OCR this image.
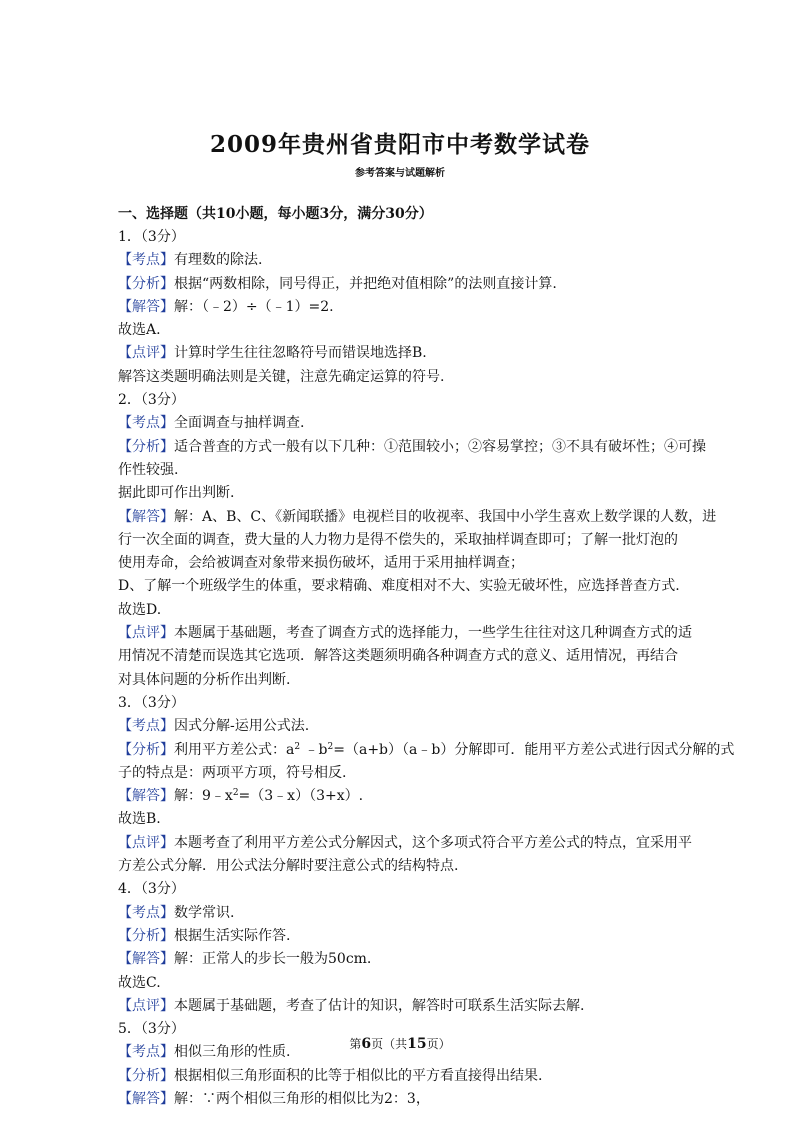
2009年贵州省贵阳市中考数学试卷
参考答案与试题解析
一、选择题（共10小题，每小题3分，满分30分）
1．（3分）
【考点】有理数的除法.
【分析】根据“两数相除，同号得正，并把绝对值相除”的法则直接计算.
【解答】解：（﹣2）÷（﹣1）=2.
故选A.
【点评】计算时学生往往忽略符号而错误地选择B.
解答这类题明确法则是关键，注意先确定运算的符号.
2．（3分）
【考点】全面调查与抽样调查.
【分析】适合普查的方式一般有以下几种：①范围较小；②容易掌控；③不具有破坏性；④可操
作性较强.
据此即可作出判断.
【解答】解：A、B、C、《新闻联播》电视栏目的收视率、我国中小学生喜欢上数学课的人数，进
行一次全面的调查，费大量的人力物力是得不偿失的，采取抽样调查即可；了解一批灯泡的
使用寿命，会给被调查对象带来损伤破坏，适用于采用抽样调查；
D、了解一个班级学生的体重，要求精确、难度相对不大、实验无破坏性，应选择普查方式.
故选D.
【点评】本题属于基础题，考查了调查方式的选择能力，一些学生往往对这几种调查方式的适
用情况不清楚而误选其它选项．解答这类题须明确各种调查方式的意义、适用情况，再结合
对具体问题的分析作出判断.
3．（3分）
【考点】因式分解-运用公式法.
【分析】利用平方差公式：$a^2$ $﹣b^2=(a+b)(a﹣b)$分解即可．能用平方差公式进行因式分解的式
子的特点是：两项平方项，符号相反.
【解答】解：$9﹣x^2=(3﹣x)(3+x)$.
故选B.
【点评】本题考查了利用平方差公式分解因式，这个多项式符合平方差公式的特点，宜采用平
方差公式分解．用公式法分解时要注意公式的结构特点.
4．（3分）
【考点】数学常识.
【分析】根据生活实际作答.
【解答】解：正常人的步长一般为50cm.
故选C.
【点评】本题属于基础题，考查了估计的知识，解答时可联系生活实际去解.
5．（3分）
【考点】相似三角形的性质.
【分析】根据相似三角形面积的比等于相似比的平方看直接得出结果.
【解答】解：∵两个相似三角形的相似比为2：3，
第6页（共15页）
